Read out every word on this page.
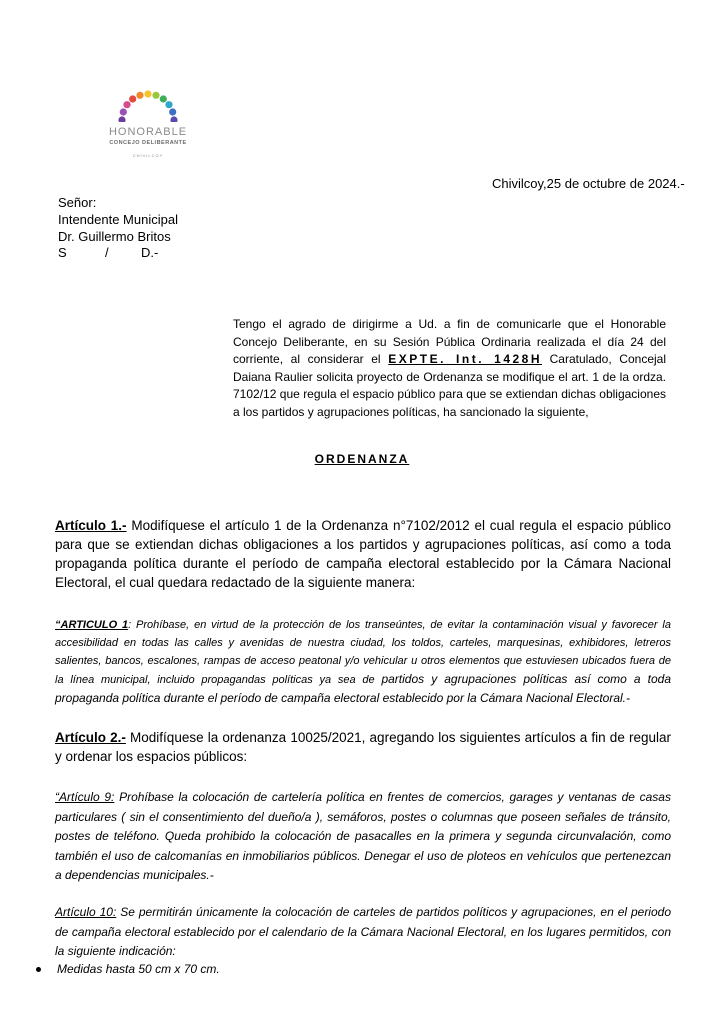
HONORABLE
CONCEJO DELIBERANTE
CHIVILCOY
Chivilcoy,25 de octubre de 2024.-
Señor:
Intendente Municipal
Dr. Guillermo Britos
S	/ D.-
Tengo el agrado de dirigirme a Ud. a fin de comunicarle que el Honorable Concejo Deliberante, en su Sesión Pública Ordinaria realizada el día 24 del corriente, al considerar el EXPTE. Int. 1428H Caratulado, Concejal Daiana Raulier solicita proyecto de Ordenanza se modifique el art. 1 de la ordza. 7102/12 que regula el espacio público para que se extiendan dichas obligaciones a los partidos y agrupaciones políticas, ha sancionado la siguiente,
ORDENANZA
Artículo 1.- Modifíquese el artículo 1 de la Ordenanza n°7102/2012 el cual regula el espacio público para que se extiendan dichas obligaciones a los partidos y agrupaciones políticas, así como a toda propaganda política durante el período de campaña electoral establecido por la Cámara Nacional Electoral, el cual quedara redactado de la siguiente manera:
“ARTICULO 1: Prohíbase, en virtud de la protección de los transeúntes, de evitar la contaminación visual y favorecer la accesibilidad en todas las calles y avenidas de nuestra ciudad, los toldos, carteles, marquesinas, exhibidores, letreros salientes, bancos, escalones, rampas de acceso peatonal y/o vehicular u otros elementos que estuviesen ubicados fuera de la línea municipal, incluido propagandas políticas ya sea de partidos y agrupaciones políticas así como a toda propaganda política durante el período de campaña electoral establecido por la Cámara Nacional Electoral.-
Artículo 2.- Modifíquese la ordenanza 10025/2021, agregando los siguientes artículos a fin de regular y ordenar los espacios públicos:
“Artículo 9: Prohíbase la colocación de cartelería política en frentes de comercios, garages y ventanas de casas particulares ( sin el consentimiento del dueño/a ), semáforos, postes o columnas que poseen señales de tránsito, postes de teléfono. Queda prohibido la colocación de pasacalles en la primera y segunda circunvalación, como también el uso de calcomanías en inmobiliarios públicos. Denegar el uso de ploteos en vehículos que pertenezcan a dependencias municipales.-
Artículo 10: Se permitirán únicamente la colocación de carteles de partidos políticos y agrupaciones, en el periodo de campaña electoral establecido por el calendario de la Cámara Nacional Electoral, en los lugares permitidos, con la siguiente indicación:
Medidas hasta 50 cm x 70 cm.
